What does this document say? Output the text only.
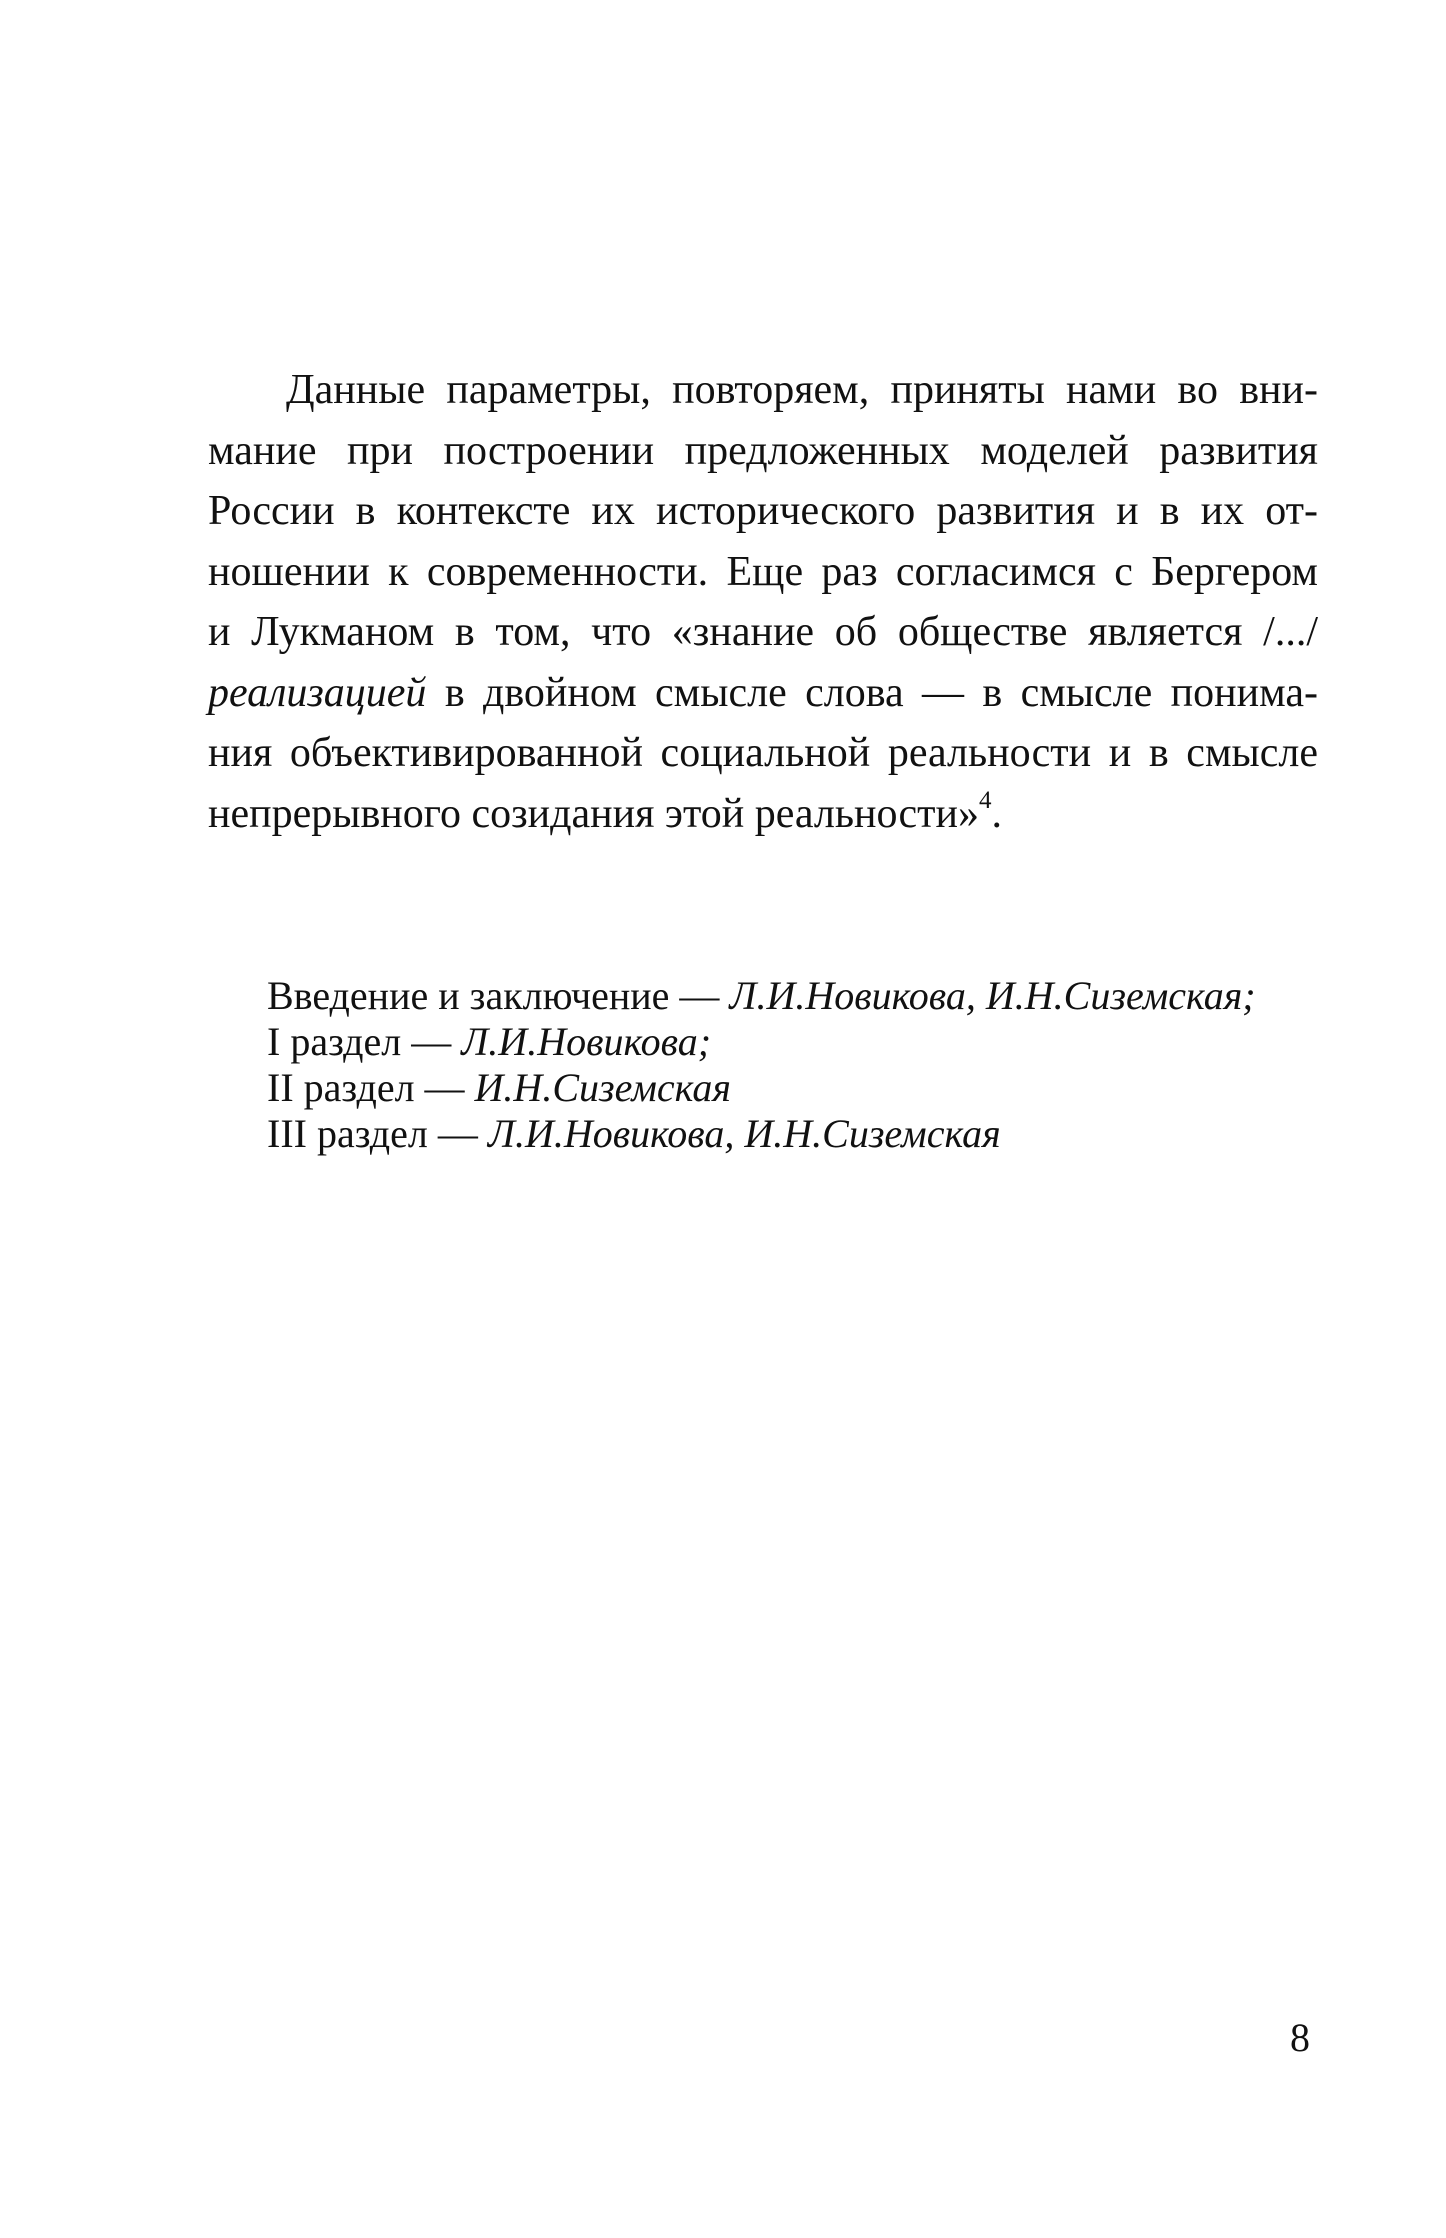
Данные параметры, повторяем, приняты нами во вни-
мание при построении предложенных моделей развития
России в контексте их исторического развития и в их от-
ношении к современности. Еще раз согласимся с Бергером
и Лукманом в том, что «знание об обществе является /.../
реализацией в двойном смысле слова — в смысле понима-
ния объективированной социальной реальности и в смысле
непрерывного созидания этой реальности»$^4$.
Введение и заключение — Л.И.Новикова, И.Н.Сиземская;
I раздел — Л.И.Новикова;
II раздел — И.Н.Сиземская
III раздел — Л.И.Новикова, И.Н.Сиземская
8
